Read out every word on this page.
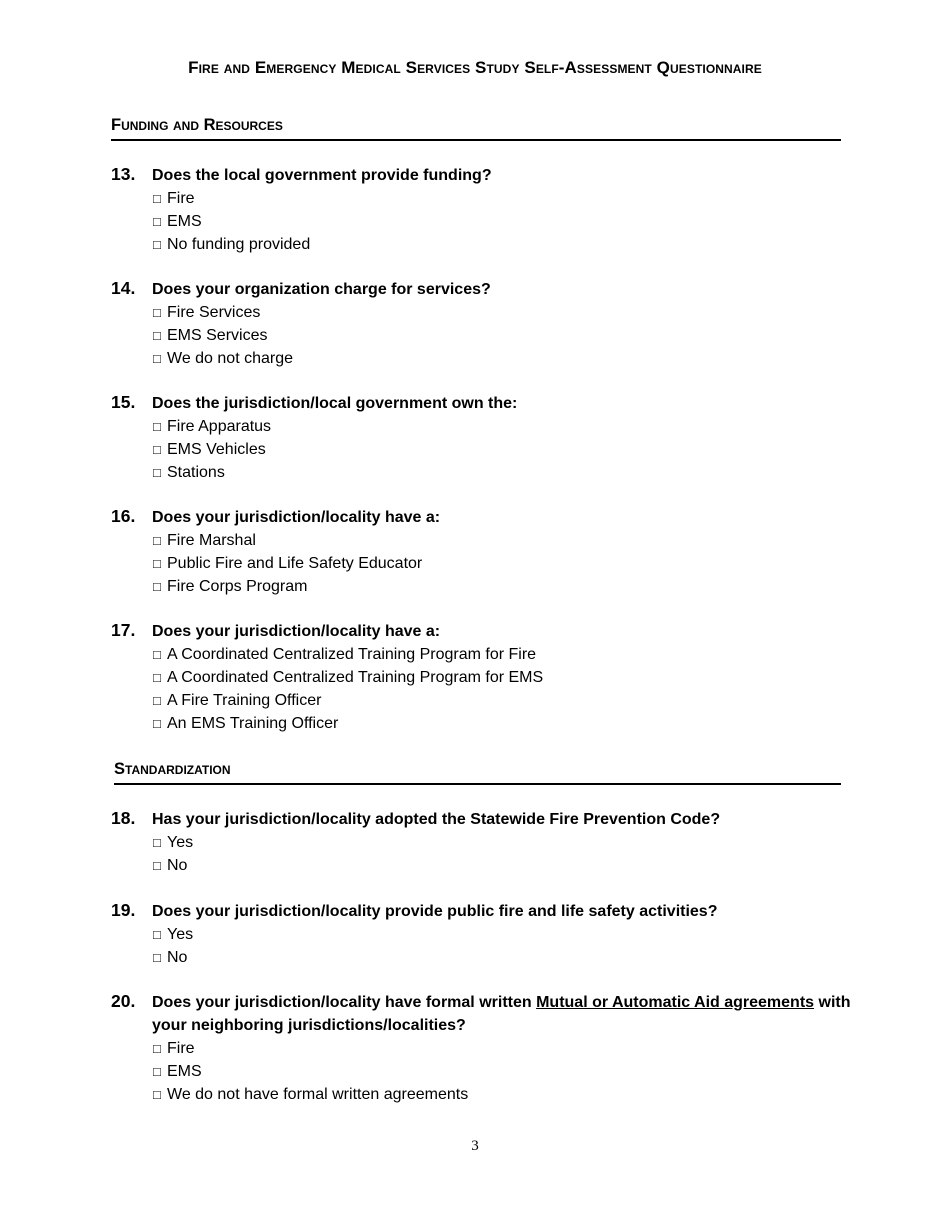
Fire and Emergency Medical Services Study Self-Assessment Questionnaire
Funding and Resources
13.	Does the local government provide funding?
□ Fire
□ EMS
□ No funding provided
14.	Does your organization charge for services?
□ Fire Services
□ EMS Services
□ We do not charge
15.	Does the jurisdiction/local government own the:
□ Fire Apparatus
□ EMS Vehicles
□ Stations
16.	Does your jurisdiction/locality have a:
□ Fire Marshal
□ Public Fire and Life Safety Educator
□ Fire Corps Program
17.	Does your jurisdiction/locality have a:
□ A Coordinated Centralized Training Program for Fire
□ A Coordinated Centralized Training Program for EMS
□ A Fire Training Officer
□ An EMS Training Officer
Standardization
18.	Has your jurisdiction/locality adopted the Statewide Fire Prevention Code?
□ Yes
□ No
19.	Does your jurisdiction/locality provide public fire and life safety activities?
□ Yes
□ No
20.	Does your jurisdiction/locality have formal written Mutual or Automatic Aid agreements with your neighboring jurisdictions/localities?
□ Fire
□ EMS
□ We do not have formal written agreements
3
